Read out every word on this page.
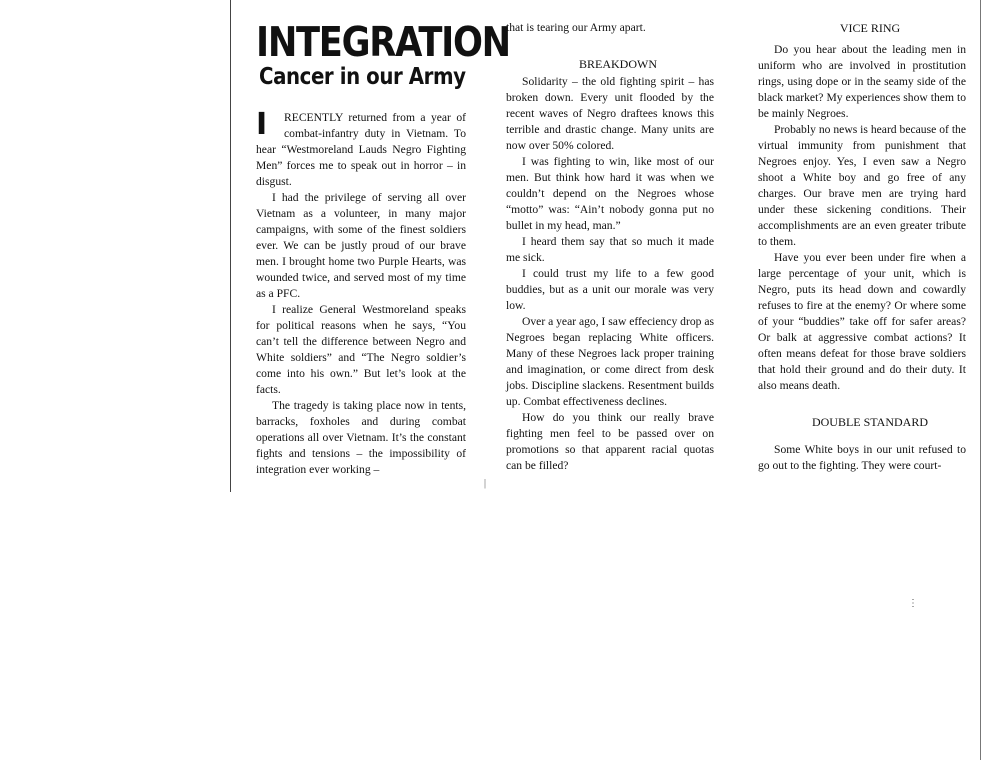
INTEGRATION
Cancer in our Army
I	RECENTLY returned from a year of combat-infantry duty in Vietnam. To hear “Westmoreland Lauds Negro Fighting Men” forces me to speak out in horror – in disgust.

I had the privilege of serving all over Vietnam as a volunteer, in many major campaigns, with some of the finest soldiers ever. We can be justly proud of our brave men. I brought home two Purple Hearts, was wounded twice, and served most of my time as a PFC.

I realize General Westmoreland speaks for political reasons when he says, “You can’t tell the difference between Negro and White soldiers” and “The Negro soldier’s come into his own.” But let’s look at the facts.

The tragedy is taking place now in tents, barracks, foxholes and during combat operations all over Vietnam. It’s the constant fights and tensions – the impossibility of integration ever working –

that is tearing our Army apart.

BREAKDOWN

Solidarity – the old fighting spirit – has broken down. Every unit flooded by the recent waves of Negro draftees knows this terrible and drastic change. Many units are now over 50% colored.

I was fighting to win, like most of our men. But think how hard it was when we couldn’t depend on the Negroes whose “motto” was: “Ain’t nobody gonna put no bullet in my head, man.”

I heard them say that so much it made me sick.

I could trust my life to a few good buddies, but as a unit our morale was very low.

Over a year ago, I saw effeciency drop as Negroes began replacing White officers. Many of these Negroes lack proper training and imagination, or come direct from desk jobs. Discipline slackens. Resentment builds up. Combat effectiveness declines.

How do you think our really brave fighting men feel to be passed over on promotions so that apparent racial quotas can be filled?

VICE RING

Do you hear about the leading men in uniform who are involved in prostitution rings, using dope or in the seamy side of the black market? My experiences show them to be mainly Negroes.

Probably no news is heard because of the virtual immunity from punishment that Negroes enjoy. Yes, I even saw a Negro shoot a White boy and go free of any charges. Our brave men are trying hard under these sickening conditions. Their accomplishments are an even greater tribute to them.

Have you ever been under fire when a large percentage of your unit, which is Negro, puts its head down and cowardly refuses to fire at the enemy? Or where some of your “buddies” take off for safer areas? Or balk at aggressive combat actions? It often means defeat for those brave soldiers that hold their ground and do their duty. It also means death.

DOUBLE STANDARD

Some White boys in our unit refused to go out to the fighting. They were court-

⋮
|
